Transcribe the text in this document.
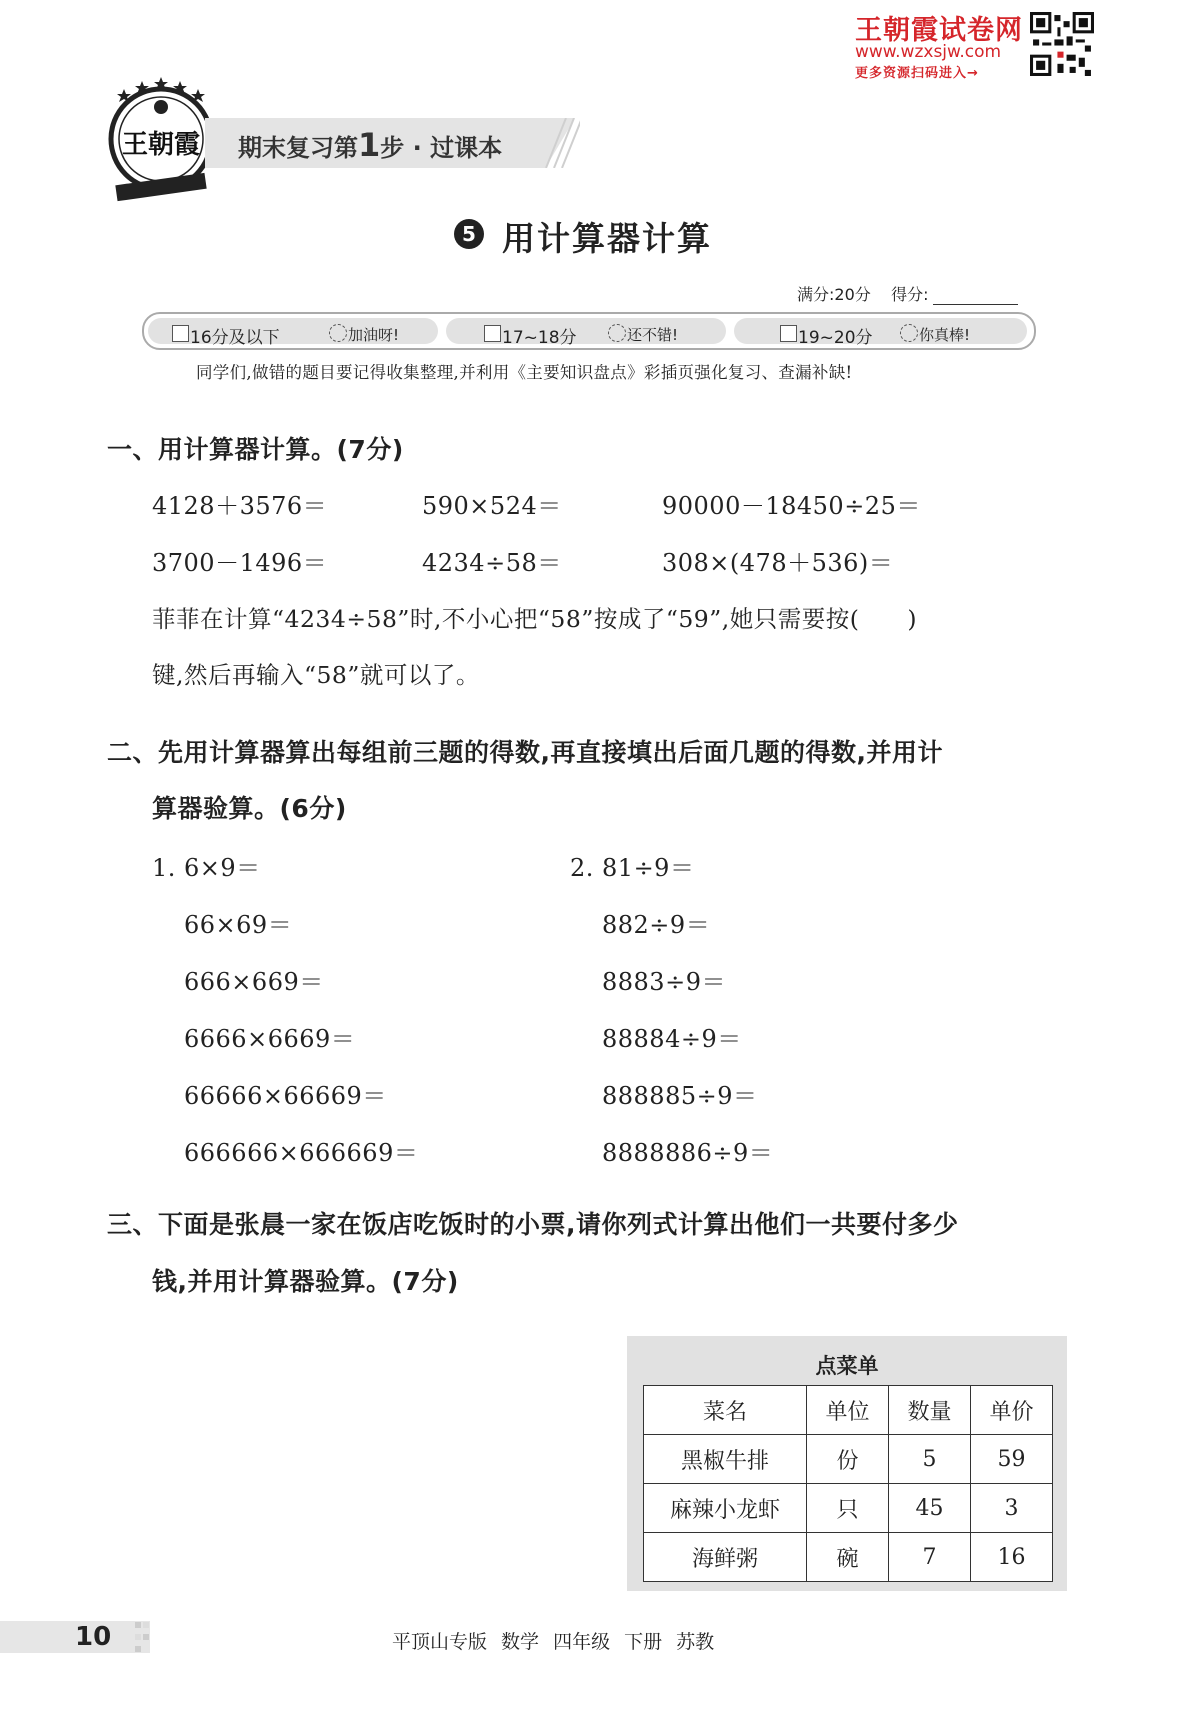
王朝霞试卷网
www.wzxsjw.com
更多资源扫码进入→
王朝霞 期末复习第1步 · 过课本
5 用计算器计算
满分:20分 得分:
16分及以下	加油呀!	17~18分	还不错!	19~20分	你真棒!
同学们,做错的题目要记得收集整理,并利用《主要知识盘点》彩插页强化复习、查漏补缺!
一、用计算器计算。(7分)
4128＋3576＝	590×524＝	90000－18450÷25＝
3700－1496＝	4234÷58＝	308×(478＋536)＝
菲菲在计算“4234÷58”时,不小心把“58”按成了“59”,她只需要按(　　)
键,然后再输入“58”就可以了。
二、先用计算器算出每组前三题的得数,再直接填出后面几题的得数,并用计
算器验算。(6分)
1. 6×9＝
66×69＝
666×669＝
6666×6669＝
66666×66669＝
666666×666669＝
2. 81÷9＝
882÷9＝
8883÷9＝
88884÷9＝
888885÷9＝
8888886÷9＝
三、下面是张晨一家在饭店吃饭时的小票,请你列式计算出他们一共要付多少
钱,并用计算器验算。(7分)
点菜单
菜名	单位	数量	单价
黑椒牛排	份	5	59
麻辣小龙虾	只	45	3
海鲜粥	碗	7	16
10	平顶山专版 数学 四年级 下册 苏教
